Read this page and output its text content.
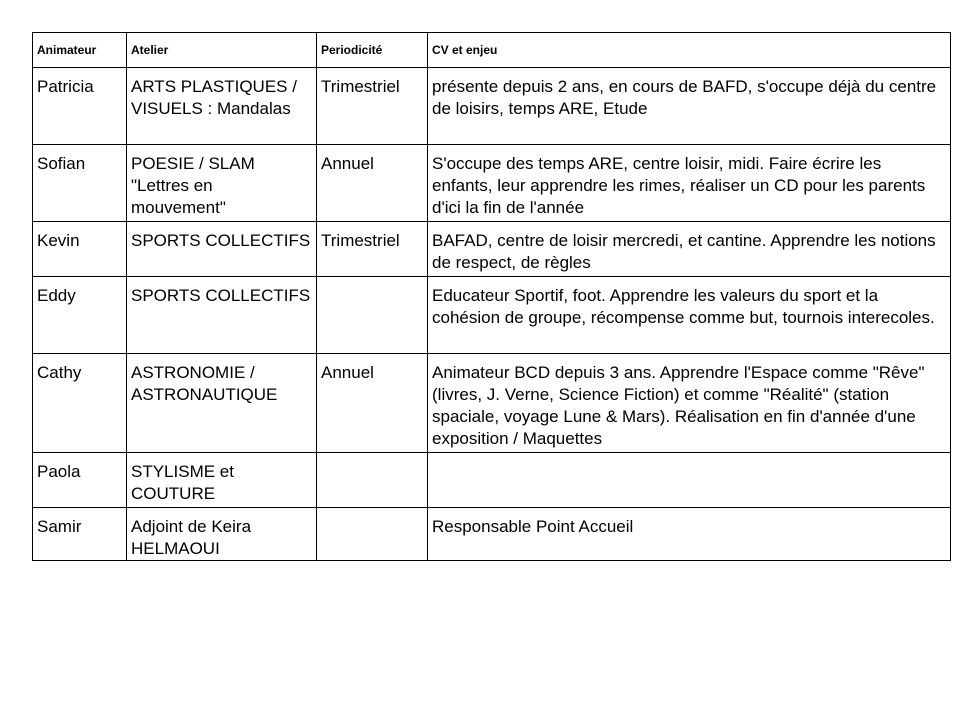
Animateur	Atelier	Periodicité	CV et enjeu
Patricia	ARTS PLASTIQUES / VISUELS : Mandalas	Trimestriel	présente depuis 2 ans, en cours de BAFD, s'occupe déjà du centre de loisirs, temps ARE, Etude
Sofian	POESIE / SLAM "Lettres en mouvement"	Annuel	S'occupe des temps ARE, centre loisir, midi. Faire écrire les enfants, leur apprendre les rimes, réaliser un CD pour les parents d'ici la fin de l'année
Kevin	SPORTS COLLECTIFS	Trimestriel	BAFAD, centre de loisir mercredi, et cantine. Apprendre les notions de respect, de règles
Eddy	SPORTS COLLECTIFS		Educateur Sportif, foot. Apprendre les valeurs du sport et la cohésion de groupe, récompense comme but, tournois interecoles.
Cathy	ASTRONOMIE / ASTRONAUTIQUE	Annuel	Animateur BCD depuis 3 ans. Apprendre l'Espace comme "Rêve" (livres, J. Verne, Science Fiction) et comme "Réalité" (station spaciale, voyage Lune & Mars). Réalisation en fin d'année d'une exposition / Maquettes
Paola	STYLISME et COUTURE		
Samir	Adjoint de Keira HELMAOUI		Responsable Point Accueil
